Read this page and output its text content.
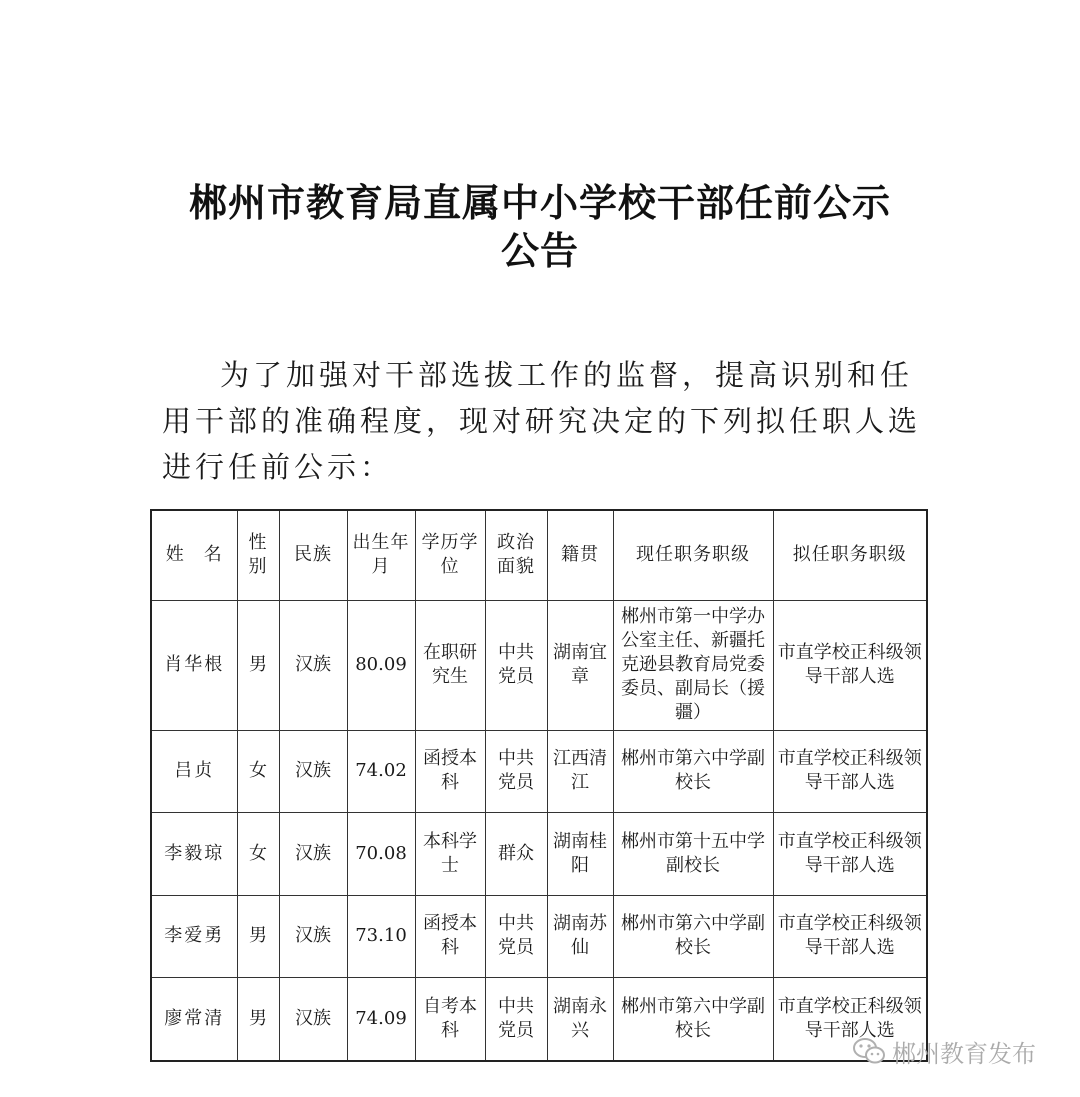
郴州市教育局直属中小学校干部任前公示
公告
为了加强对干部选拔工作的监督，提高识别和任用干部的准确程度，现对研究决定的下列拟任职人选进行任前公示：
姓　名	性别	民族	出生年月	学历学位	政治面貌	籍贯	现任职务职级	拟任职务职级
肖华根	男	汉族	80.09	在职研究生	中共党员	湖南宜章	郴州市第一中学办公室主任、新疆托克逊县教育局党委委员、副局长（援疆）	市直学校正科级领导干部人选
吕贞	女	汉族	74.02	函授本科	中共党员	江西清江	郴州市第六中学副校长	市直学校正科级领导干部人选
李毅琼	女	汉族	70.08	本科学士	群众	湖南桂阳	郴州市第十五中学副校长	市直学校正科级领导干部人选
李爱勇	男	汉族	73.10	函授本科	中共党员	湖南苏仙	郴州市第六中学副校长	市直学校正科级领导干部人选
廖常清	男	汉族	74.09	自考本科	中共党员	湖南永兴	郴州市第六中学副校长	市直学校正科级领导干部人选
郴州教育发布
